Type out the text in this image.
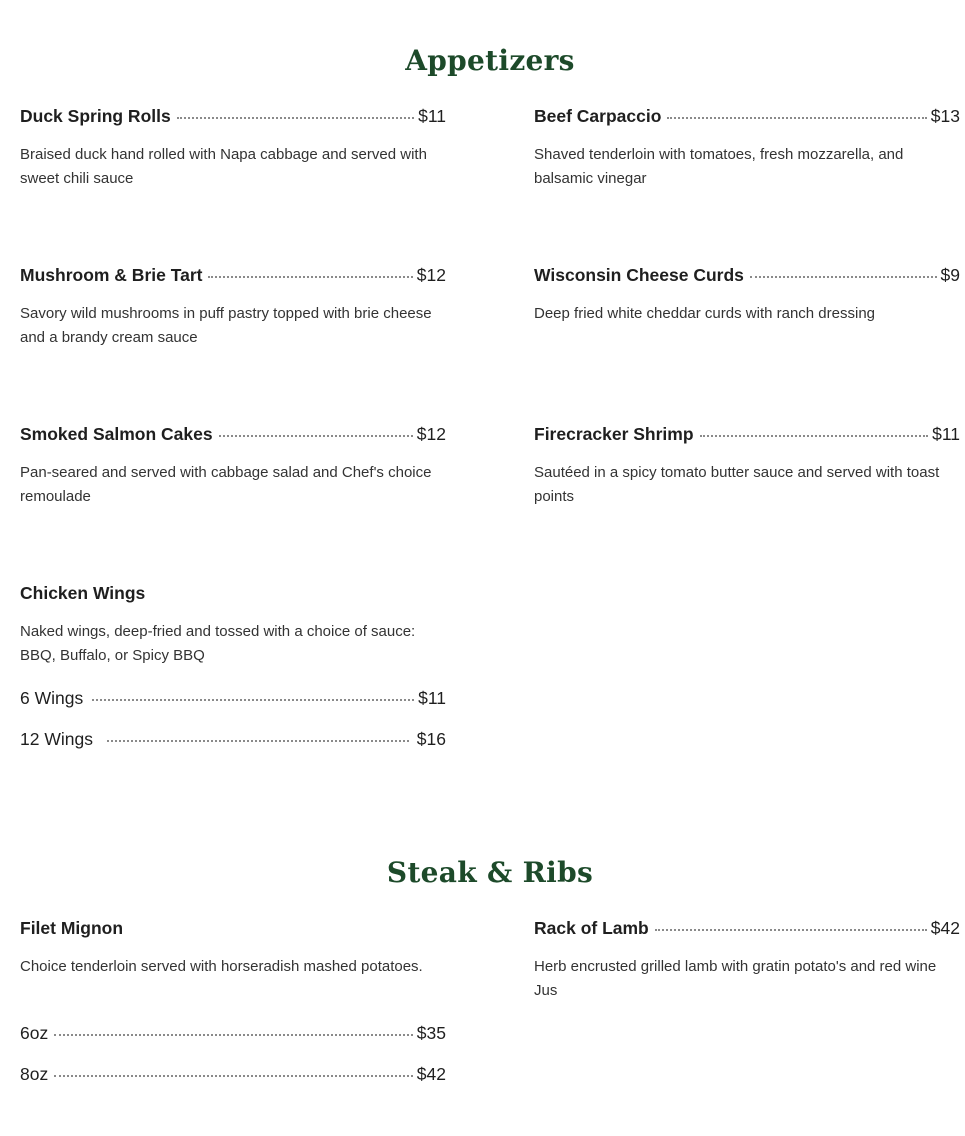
Appetizers
Duck Spring Rolls	$11
Braised duck hand rolled with Napa cabbage and served with sweet chili sauce
Beef Carpaccio	$13
Shaved tenderloin with tomatoes, fresh mozzarella, and balsamic vinegar
Mushroom & Brie Tart	$12
Savory wild mushrooms in puff pastry topped with brie cheese and a brandy cream sauce
Wisconsin Cheese Curds	$9
Deep fried white cheddar curds with ranch dressing
Smoked Salmon Cakes	$12
Pan-seared and served with cabbage salad and Chef's choice remoulade
Firecracker Shrimp	$11
Sautéed in a spicy tomato butter sauce and served with toast points
Chicken Wings
Naked wings, deep-fried and tossed with a choice of sauce: BBQ, Buffalo, or Spicy BBQ
6 Wings	$11
12 Wings	$16
Steak & Ribs
Filet Mignon
Choice tenderloin served with horseradish mashed potatoes.
6oz	$35
8oz	$42
Rack of Lamb	$42
Herb encrusted grilled lamb with gratin potato's and red wine Jus
